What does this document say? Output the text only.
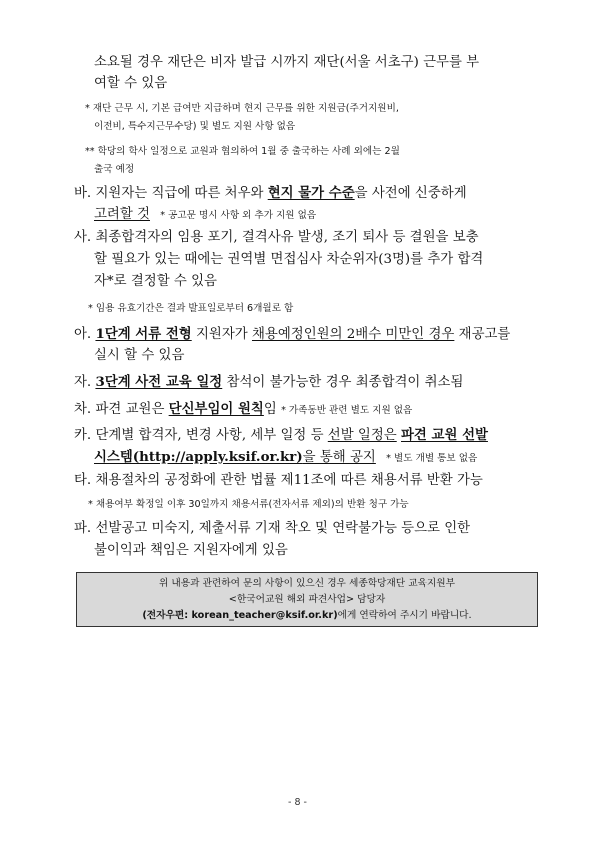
소요될 경우 재단은 비자 발급 시까지 재단(서울 서초구) 근무를 부
여할 수 있음
* 재단 근무 시, 기본 급여만 지급하며 현지 근무를 위한 지원금(주거지원비,
이전비, 특수지근무수당) 및 별도 지원 사항 없음
** 학당의 학사 일정으로 교원과 협의하여 1월 중 출국하는 사례 외에는 2월
출국 예정
바. 지원자는 직급에 따른 처우와 현지 물가 수준을 사전에 신중하게
고려할 것 * 공고문 명시 사항 외 추가 지원 없음
사. 최종합격자의 임용 포기, 결격사유 발생, 조기 퇴사 등 결원을 보충
할 필요가 있는 때에는 권역별 면접심사 차순위자(3명)를 추가 합격
자*로 결정할 수 있음
* 임용 유효기간은 결과 발표일로부터 6개월로 함
아. 1단계 서류 전형 지원자가 채용예정인원의 2배수 미만인 경우 재공고를
실시 할 수 있음
자. 3단계 사전 교육 일정 참석이 불가능한 경우 최종합격이 취소됨
차. 파견 교원은 단신부임이 원칙임 * 가족동반 관련 별도 지원 없음
카. 단계별 합격자, 변경 사항, 세부 일정 등 선발 일정은 파견 교원 선발
시스템(http://apply.ksif.or.kr)을 통해 공지 * 별도 개별 통보 없음
타. 채용절차의 공정화에 관한 법률 제11조에 따른 채용서류 반환 가능
* 채용여부 확정일 이후 30일까지 채용서류(전자서류 제외)의 반환 청구 가능
파. 선발공고 미숙지, 제출서류 기재 착오 및 연락불가능 등으로 인한
불이익과 책임은 지원자에게 있음
위 내용과 관련하여 문의 사항이 있으신 경우 세종학당재단 교육지원부
<한국어교원 해외 파견사업> 담당자
(전자우편: korean_teacher@ksif.or.kr)에게 연락하여 주시기 바랍니다.
- 8 -
